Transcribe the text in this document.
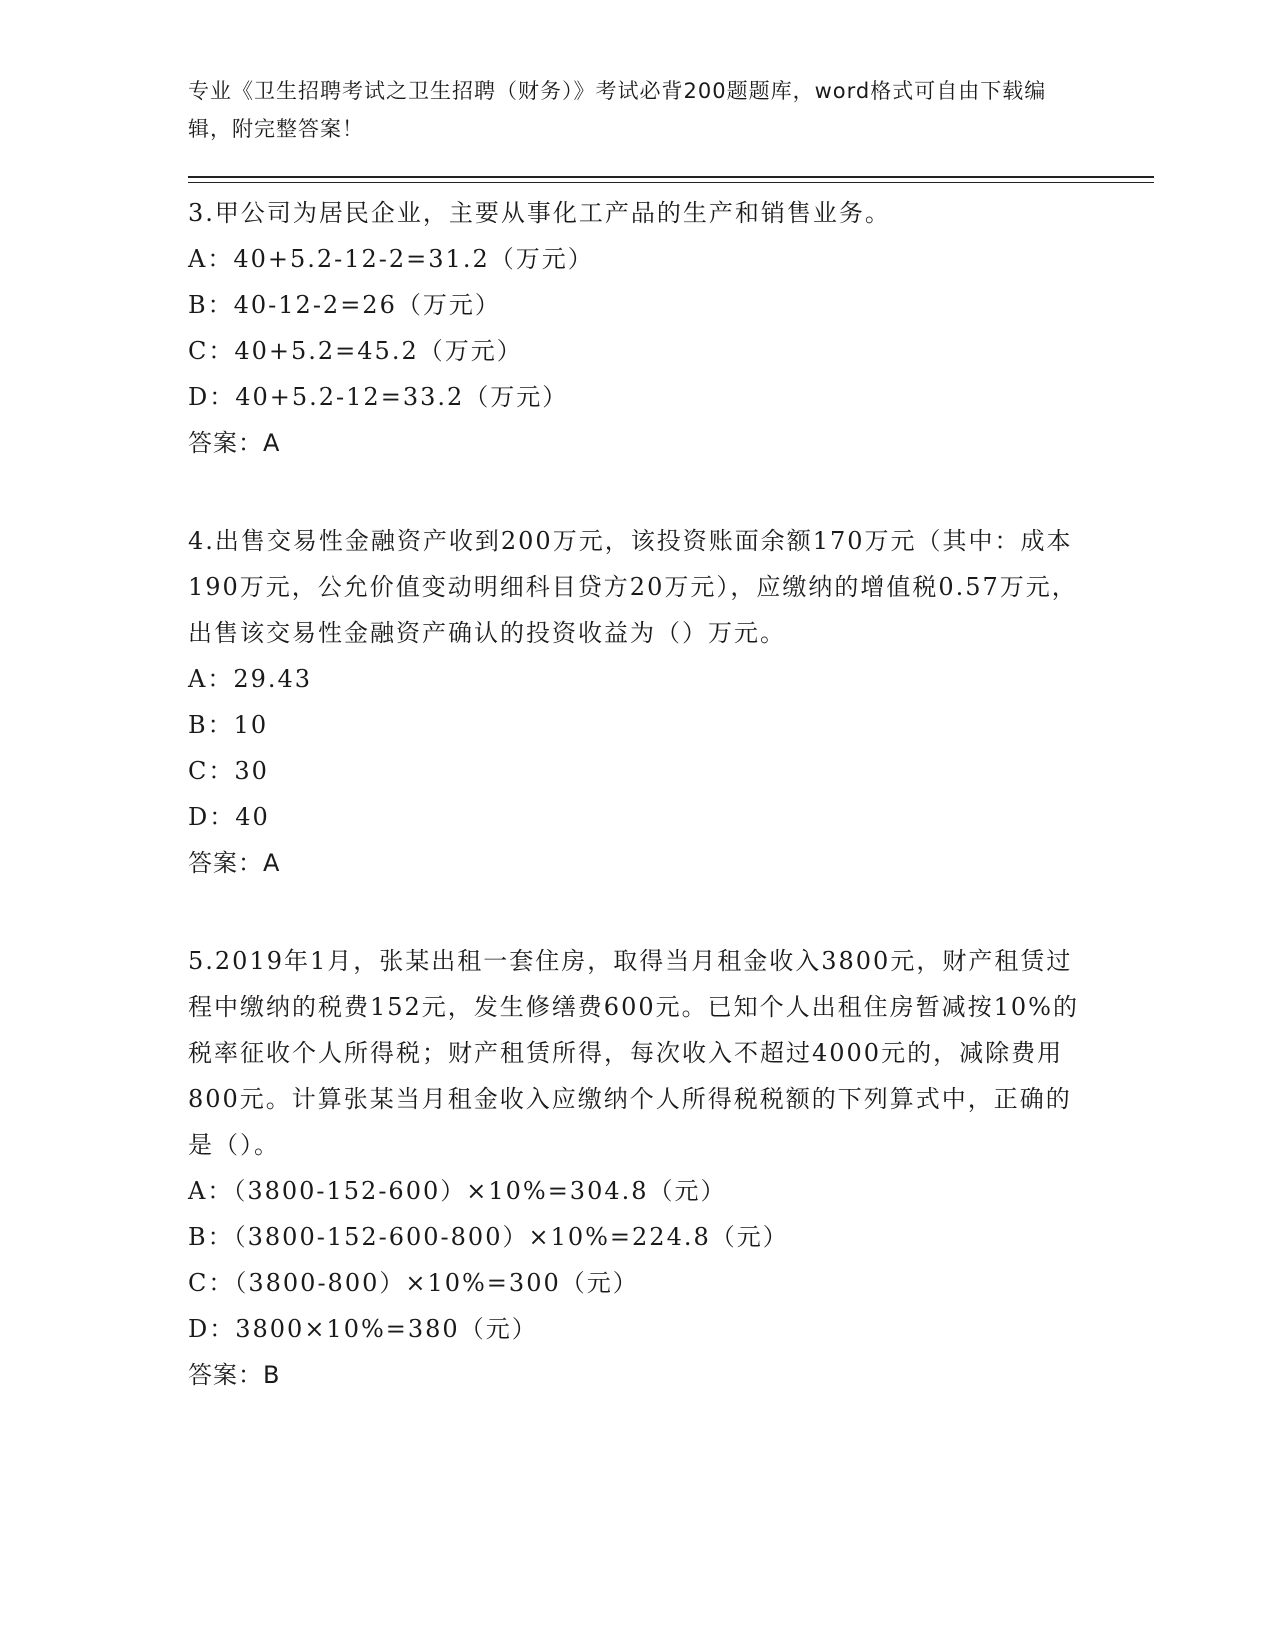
专业《卫生招聘考试之卫生招聘（财务）》考试必背200题题库，word格式可自由下载编辑，附完整答案！

3.甲公司为居民企业，主要从事化工产品的生产和销售业务。

A：40+5.2-12-2=31.2（万元）

B：40-12-2=26（万元）

C：40+5.2=45.2（万元）

D：40+5.2-12=33.2（万元）

答案：A

4.出售交易性金融资产收到200万元，该投资账面余额170万元（其中：成本190万元，公允价值变动明细科目贷方20万元），应缴纳的增值税0.57万元，出售该交易性金融资产确认的投资收益为（）万元。

A：29.43

B：10

C：30

D：40

答案：A

5.2019年1月，张某出租一套住房，取得当月租金收入3800元，财产租赁过程中缴纳的税费152元，发生修缮费600元。已知个人出租住房暂减按10%的税率征收个人所得税；财产租赁所得，每次收入不超过4000元的，减除费用800元。计算张某当月租金收入应缴纳个人所得税税额的下列算式中，正确的是（）。

A：（3800-152-600）×10%=304.8（元）

B：（3800-152-600-800）×10%=224.8（元）

C：（3800-800）×10%=300（元）

D：3800×10%=380（元）

答案：B
